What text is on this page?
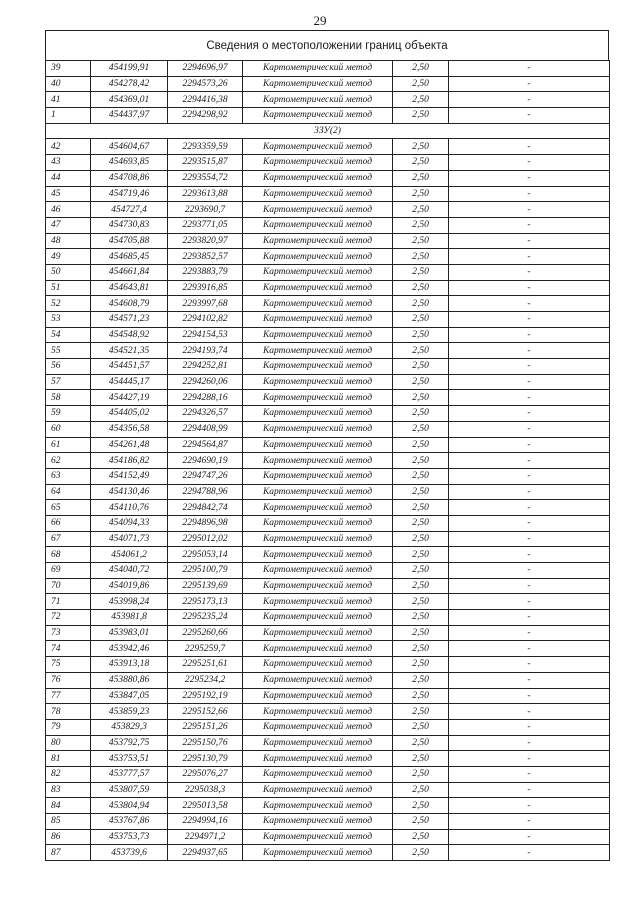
29
Сведения о местоположении границ объекта
39	454199,91	2294696,97	Картометрический метод	2,50	-
40	454278,42	2294573,26	Картометрический метод	2,50	-
41	454369,01	2294416,38	Картометрический метод	2,50	-
1	454437,97	2294298,92	Картометрический метод	2,50	-
3ЗУ(2)					
42	454604,67	2293359,59	Картометрический метод	2,50	-
43	454693,85	2293515,87	Картометрический метод	2,50	-
44	454708,86	2293554,72	Картометрический метод	2,50	-
45	454719,46	2293613,88	Картометрический метод	2,50	-
46	454727,4	2293690,7	Картометрический метод	2,50	-
47	454730,83	2293771,05	Картометрический метод	2,50	-
48	454705,88	2293820,97	Картометрический метод	2,50	-
49	454685,45	2293852,57	Картометрический метод	2,50	-
50	454661,84	2293883,79	Картометрический метод	2,50	-
51	454643,81	2293916,85	Картометрический метод	2,50	-
52	454608,79	2293997,68	Картометрический метод	2,50	-
53	454571,23	2294102,82	Картометрический метод	2,50	-
54	454548,92	2294154,53	Картометрический метод	2,50	-
55	454521,35	2294193,74	Картометрический метод	2,50	-
56	454451,57	2294252,81	Картометрический метод	2,50	-
57	454445,17	2294260,06	Картометрический метод	2,50	-
58	454427,19	2294288,16	Картометрический метод	2,50	-
59	454405,02	2294326,57	Картометрический метод	2,50	-
60	454356,58	2294408,99	Картометрический метод	2,50	-
61	454261,48	2294564,87	Картометрический метод	2,50	-
62	454186,82	2294690,19	Картометрический метод	2,50	-
63	454152,49	2294747,26	Картометрический метод	2,50	-
64	454130,46	2294788,96	Картометрический метод	2,50	-
65	454110,76	2294842,74	Картометрический метод	2,50	-
66	454094,33	2294896,98	Картометрический метод	2,50	-
67	454071,73	2295012,02	Картометрический метод	2,50	-
68	454061,2	2295053,14	Картометрический метод	2,50	-
69	454040,72	2295100,79	Картометрический метод	2,50	-
70	454019,86	2295139,69	Картометрический метод	2,50	-
71	453998,24	2295173,13	Картометрический метод	2,50	-
72	453981,8	2295235,24	Картометрический метод	2,50	-
73	453983,01	2295260,66	Картометрический метод	2,50	-
74	453942,46	2295259,7	Картометрический метод	2,50	-
75	453913,18	2295251,61	Картометрический метод	2,50	-
76	453880,86	2295234,2	Картометрический метод	2,50	-
77	453847,05	2295192,19	Картометрический метод	2,50	-
78	453859,23	2295152,66	Картометрический метод	2,50	-
79	453829,3	2295151,26	Картометрический метод	2,50	-
80	453792,75	2295150,76	Картометрический метод	2,50	-
81	453753,51	2295130,79	Картометрический метод	2,50	-
82	453777,57	2295076,27	Картометрический метод	2,50	-
83	453807,59	2295038,3	Картометрический метод	2,50	-
84	453804,94	2295013,58	Картометрический метод	2,50	-
85	453767,86	2294994,16	Картометрический метод	2,50	-
86	453753,73	2294971,2	Картометрический метод	2,50	-
87	453739,6	2294937,65	Картометрический метод	2,50	-
